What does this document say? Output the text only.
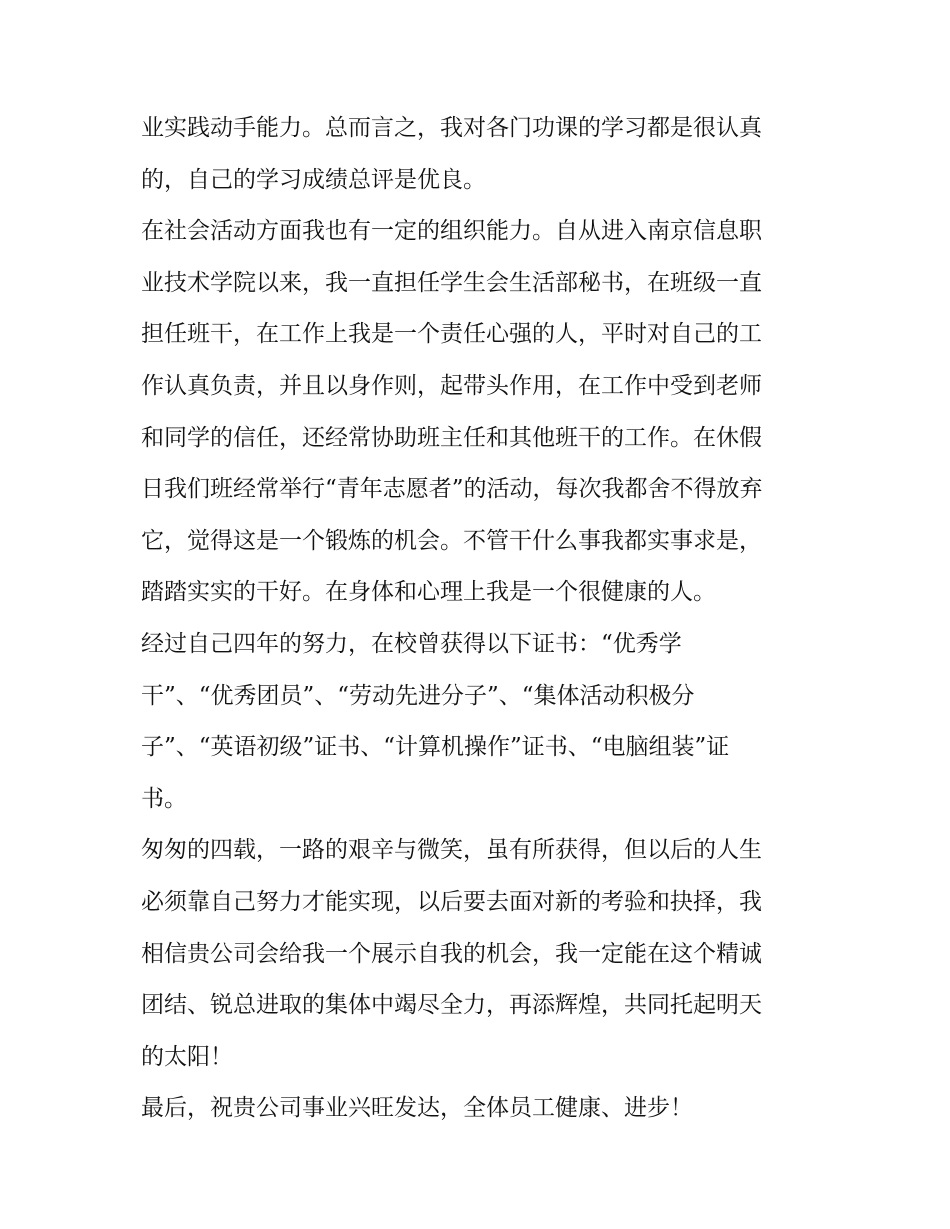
业实践动手能力。总而言之，我对各门功课的学习都是很认真
的，自己的学习成绩总评是优良。
在社会活动方面我也有一定的组织能力。自从进入南京信息职
业技术学院以来，我一直担任学生会生活部秘书，在班级一直
担任班干，在工作上我是一个责任心强的人，平时对自己的工
作认真负责，并且以身作则，起带头作用，在工作中受到老师
和同学的信任，还经常协助班主任和其他班干的工作。在休假
日我们班经常举行“青年志愿者”的活动，每次我都舍不得放弃
它，觉得这是一个锻炼的机会。不管干什么事我都实事求是，
踏踏实实的干好。在身体和心理上我是一个很健康的人。
经过自己四年的努力，在校曾获得以下证书：“优秀学
干”、“优秀团员”、“劳动先进分子”、“集体活动积极分
子”、“英语初级”证书、“计算机操作”证书、“电脑组装”证
书。
匆匆的四载，一路的艰辛与微笑，虽有所获得，但以后的人生
必须靠自己努力才能实现，以后要去面对新的考验和抉择，我
相信贵公司会给我一个展示自我的机会，我一定能在这个精诚
团结、锐总进取的集体中竭尽全力，再添辉煌，共同托起明天
的太阳！
最后，祝贵公司事业兴旺发达，全体员工健康、进步！
